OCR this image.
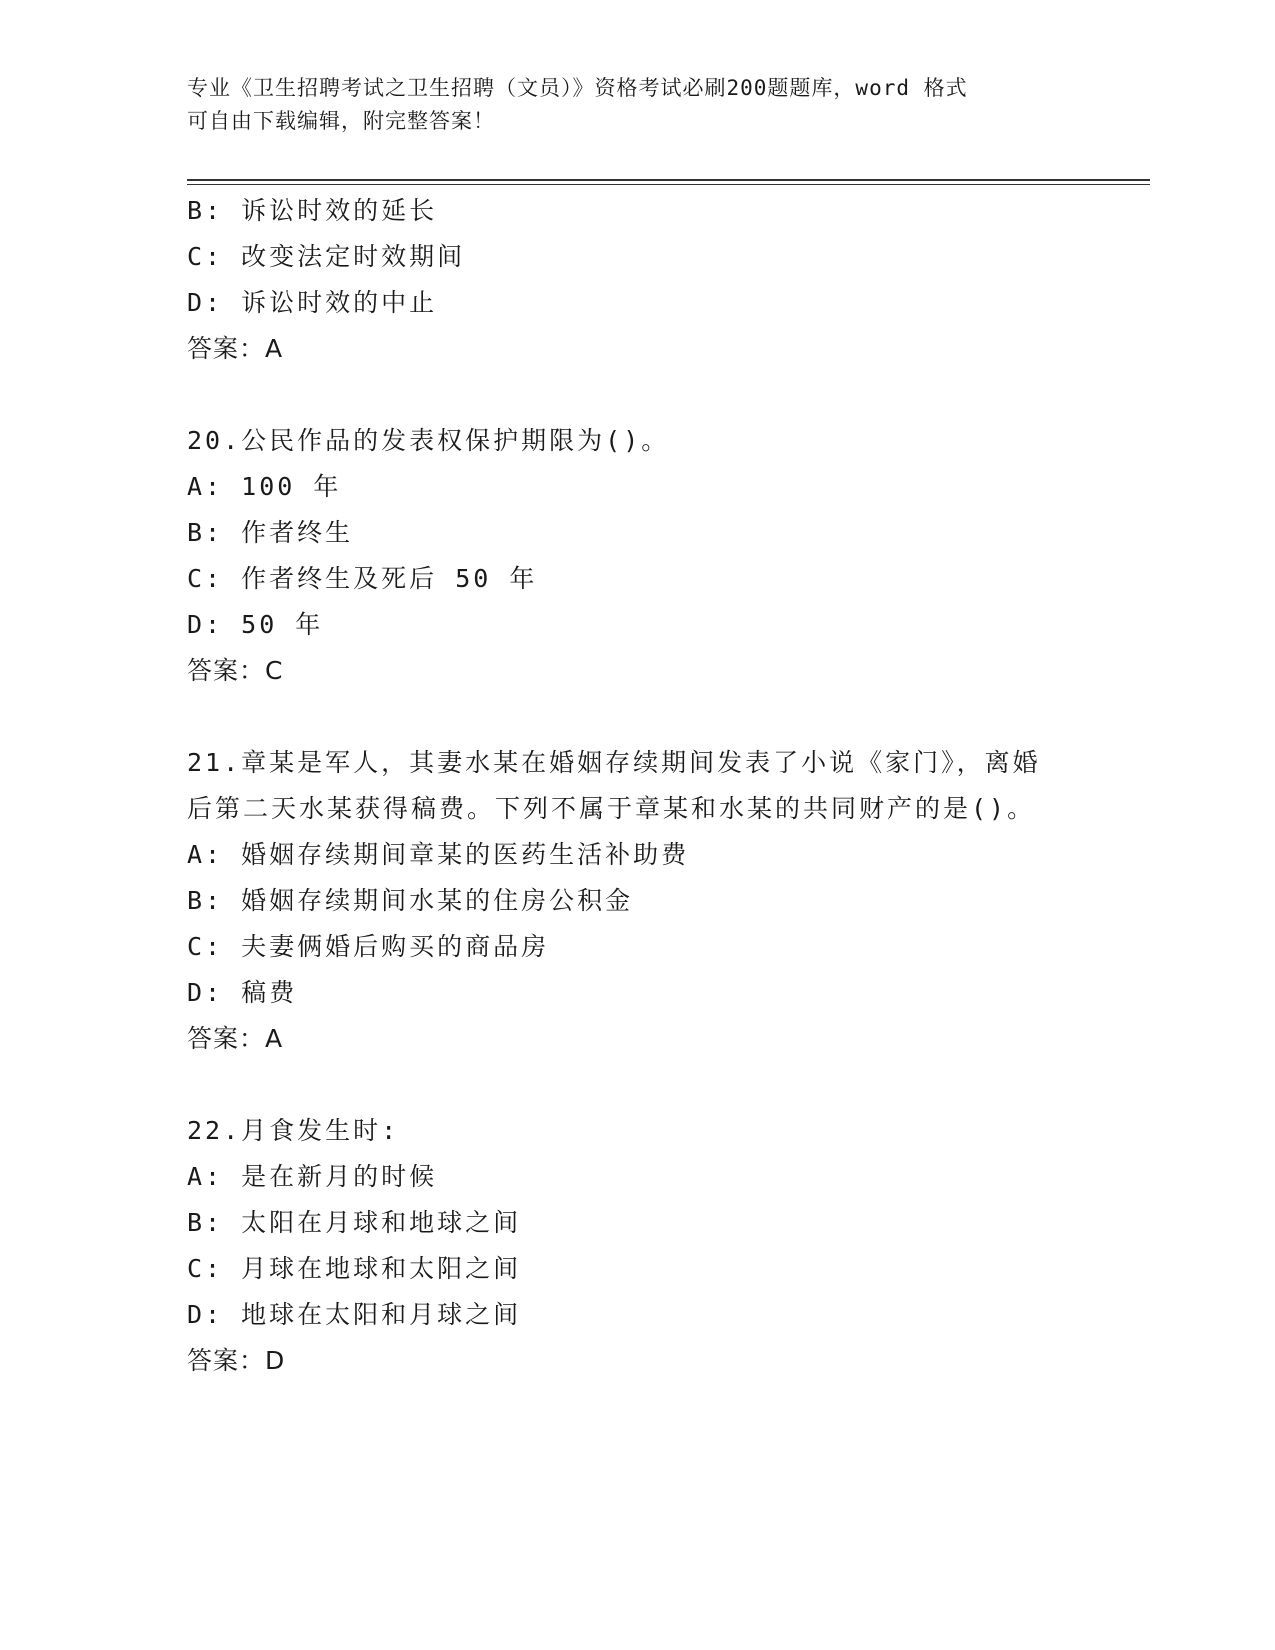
专业《卫生招聘考试之卫生招聘（文员）》资格考试必刷200题题库，word 格式
可自由下载编辑，附完整答案！
B: 诉讼时效的延长
C: 改变法定时效期间
D: 诉讼时效的中止
答案：A
20.公民作品的发表权保护期限为()。
A: 100 年
B: 作者终生
C: 作者终生及死后 50 年
D: 50 年
答案：C
21.章某是军人，其妻水某在婚姻存续期间发表了小说《家门》，离婚
后第二天水某获得稿费。下列不属于章某和水某的共同财产的是()。
A: 婚姻存续期间章某的医药生活补助费
B: 婚姻存续期间水某的住房公积金
C: 夫妻俩婚后购买的商品房
D: 稿费
答案：A
22.月食发生时:
A: 是在新月的时候
B: 太阳在月球和地球之间
C: 月球在地球和太阳之间
D: 地球在太阳和月球之间
答案：D
